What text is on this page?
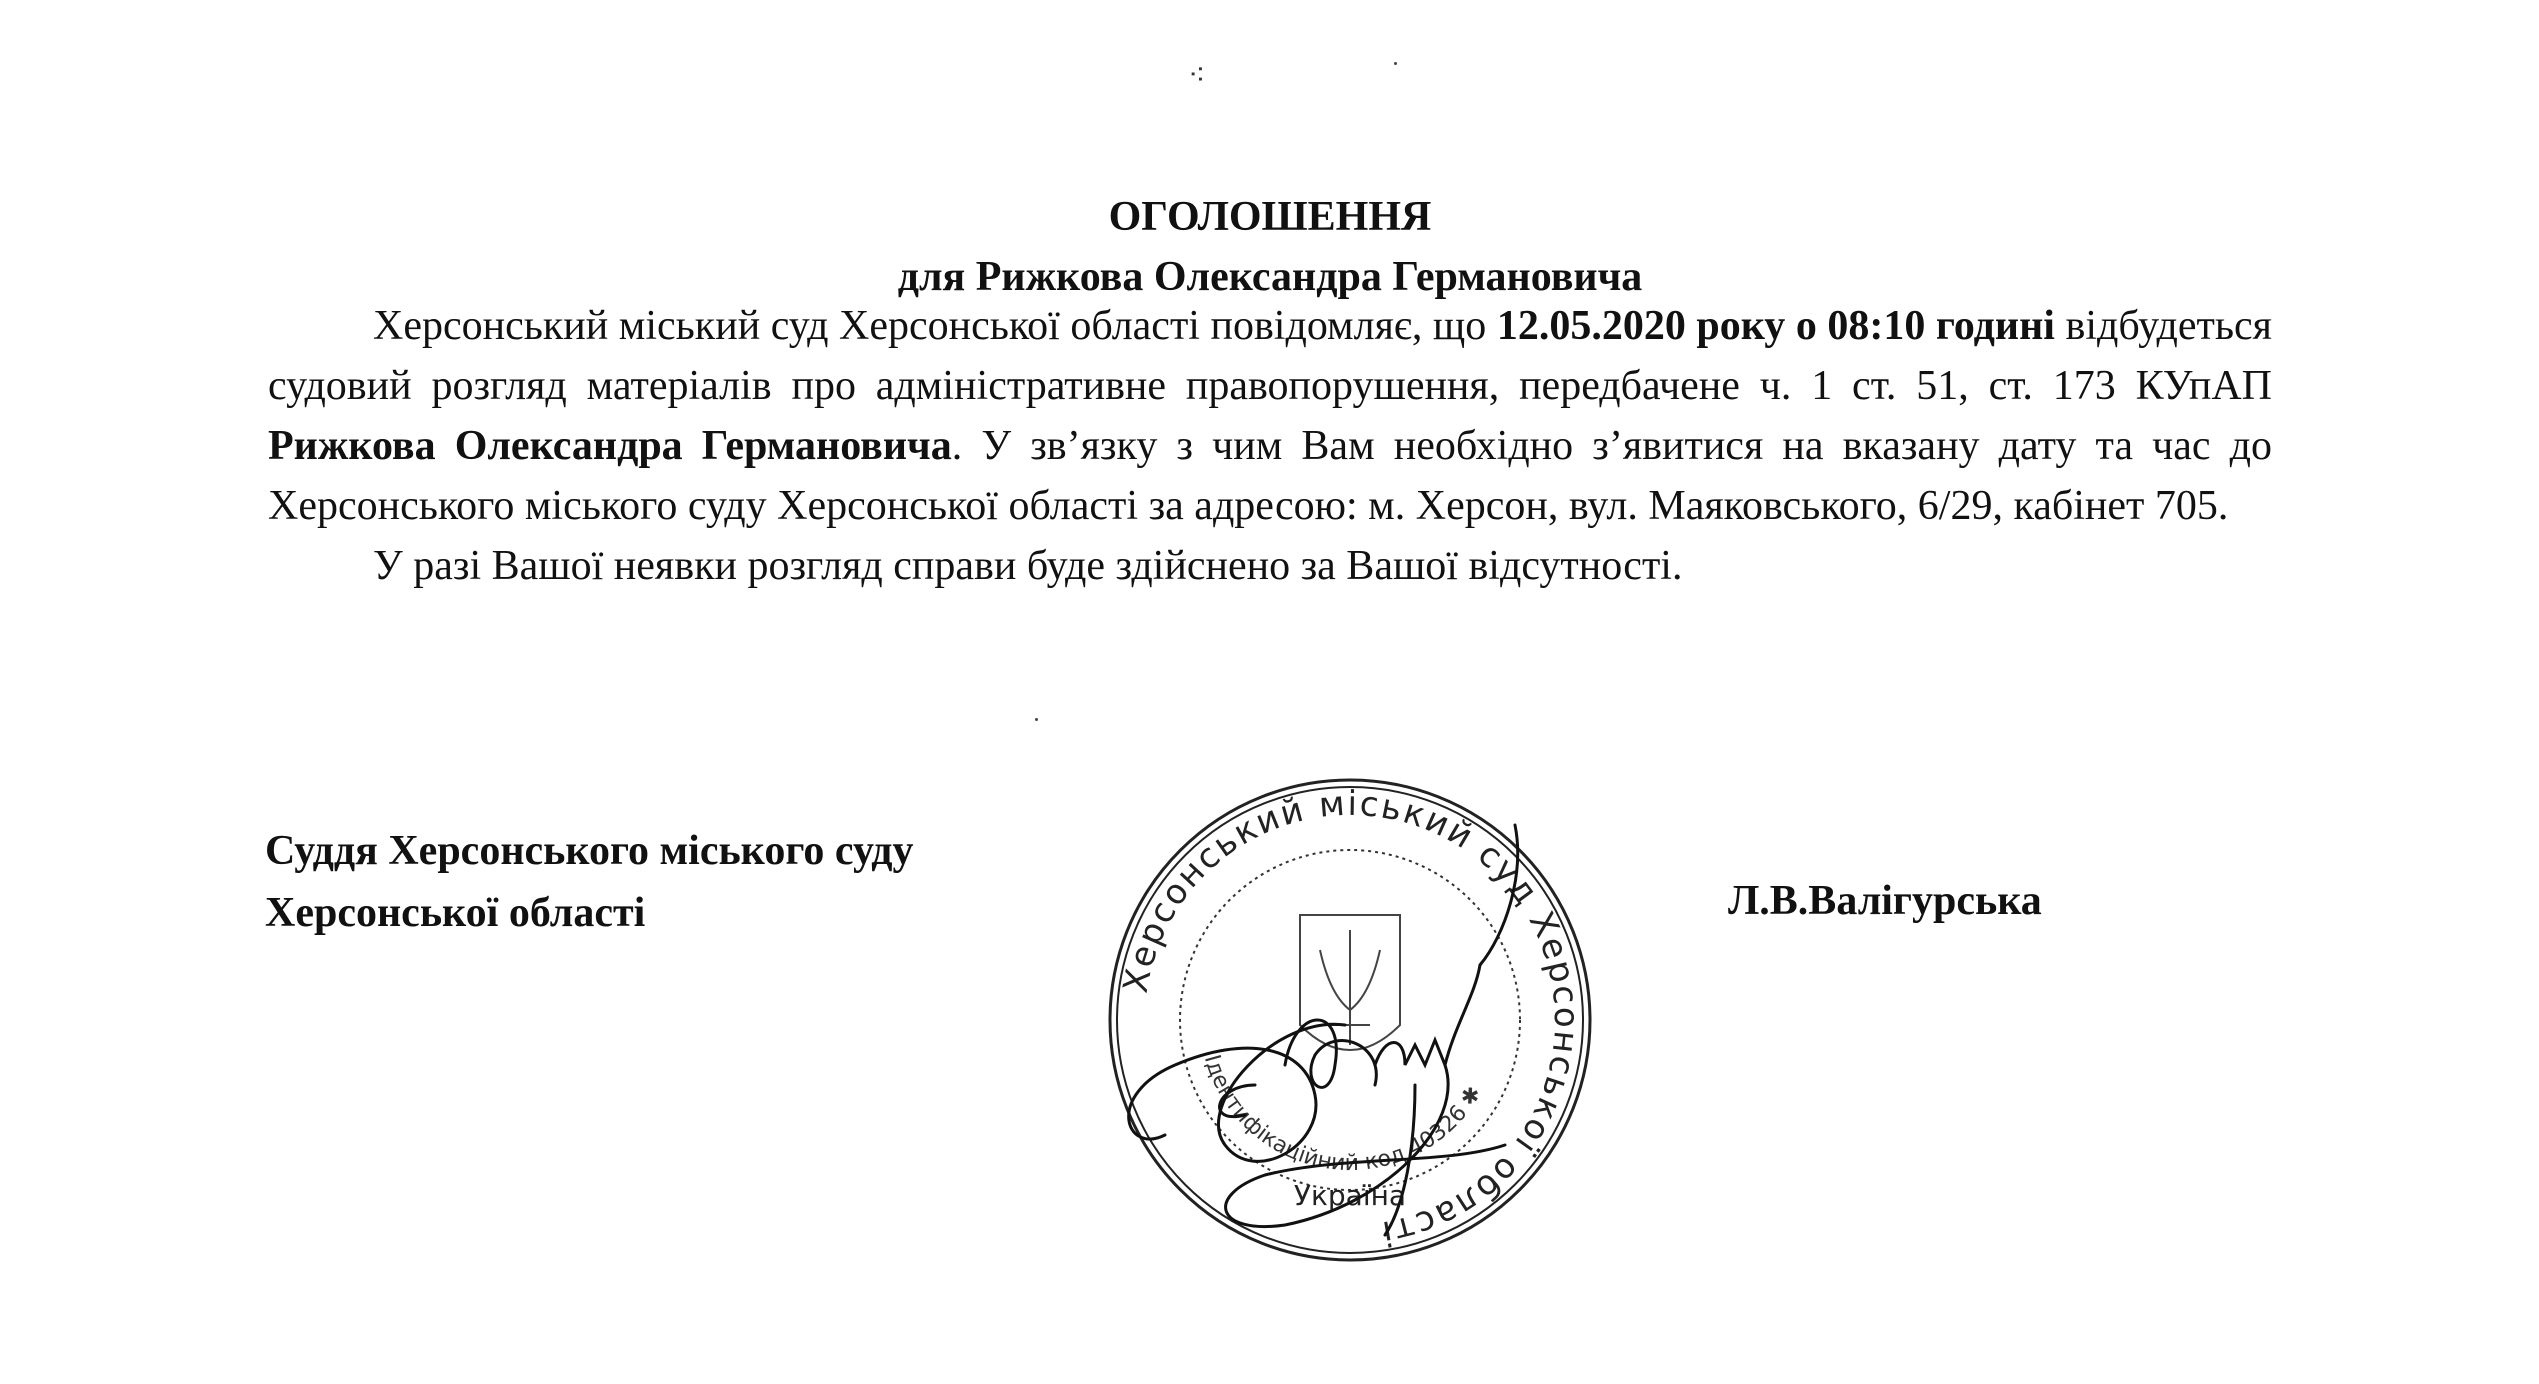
⁖
ОГОЛОШЕННЯ
для Рижкова Олександра Германовича

Херсонський міський суд Херсонської області повідомляє, що 12.05.2020 року о 08:10 годині відбудеться судовий розгляд матеріалів про адміністративне правопорушення, передбачене ч. 1 ст. 51, ст. 173 КУпАП Рижкова Олександра Германовича. У зв’язку з чим Вам необхідно з’явитися на вказану дату та час до Херсонського міського суду Херсонської області за адресою: м. Херсон, вул. Маяковського, 6/29, кабінет 705.

У разі Вашої неявки розгляд справи буде здійснено за Вашої відсутності.

Суддя Херсонського міського суду
Херсонської області	Л.В.Валігурська
Херсонський міський суд Херсонської області
Ідентифікаційний код 40326 ✱
Україна
